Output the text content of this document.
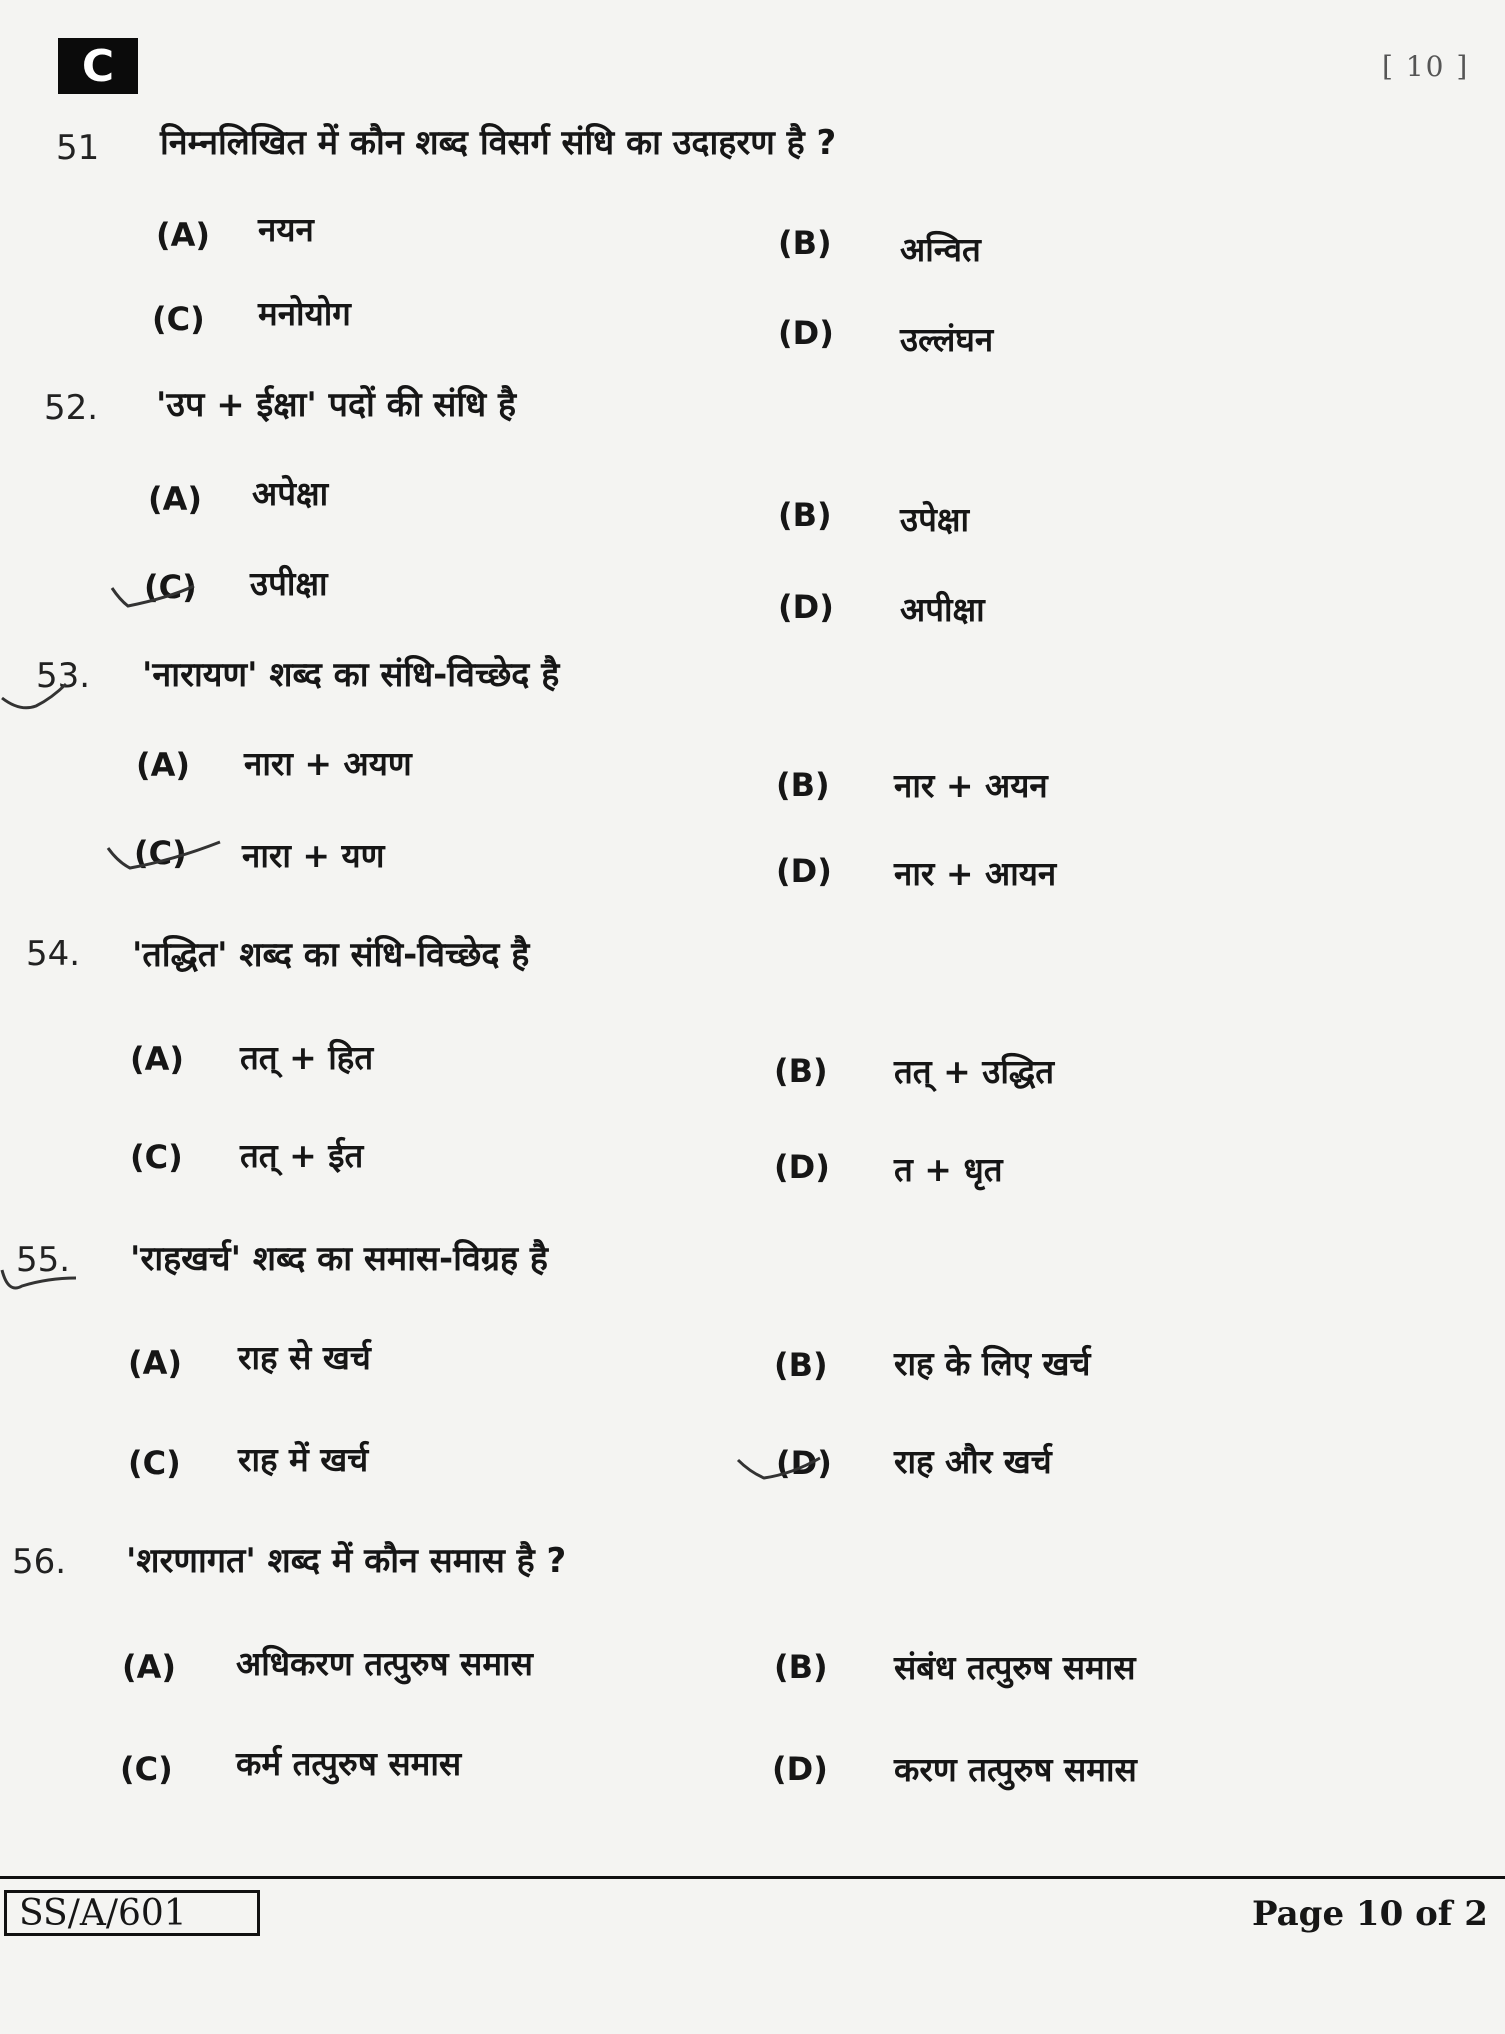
C	[ 10 ]
51 निम्नलिखित में कौन शब्द विसर्ग संधि का उदाहरण है ?
(A) नयन	(B) अन्वित
(C) मनोयोग	(D) उल्लंघन
52. 'उप + ईक्षा' पदों की संधि है
(A) अपेक्षा
(B) उपेक्षा
(C) उपीक्षा
(D) अपीक्षा
53. 'नारायण' शब्द का संधि-विच्छेद है
(A) नारा + अयण
(B) नार + अयन
(C) नारा + यण	(D) नार + आयन
54. 'तद्धित' शब्द का संधि-विच्छेद है
(A) तत् + हित	(B) तत् + उद्धित
(C) तत् + ईत	(D) त + धृत
55. 'राहखर्च' शब्द का समास-विग्रह है
(A) राह से खर्च	(B) राह के लिए खर्च
(C) राह में खर्च	(D) राह और खर्च
56. 'शरणागत' शब्द में कौन समास है ?
(A) अधिकरण तत्पुरुष समास	(B) संबंध तत्पुरुष समास
(C) कर्म तत्पुरुष समास	(D) करण तत्पुरुष समास
SS/A/601	Page 10 of 2
